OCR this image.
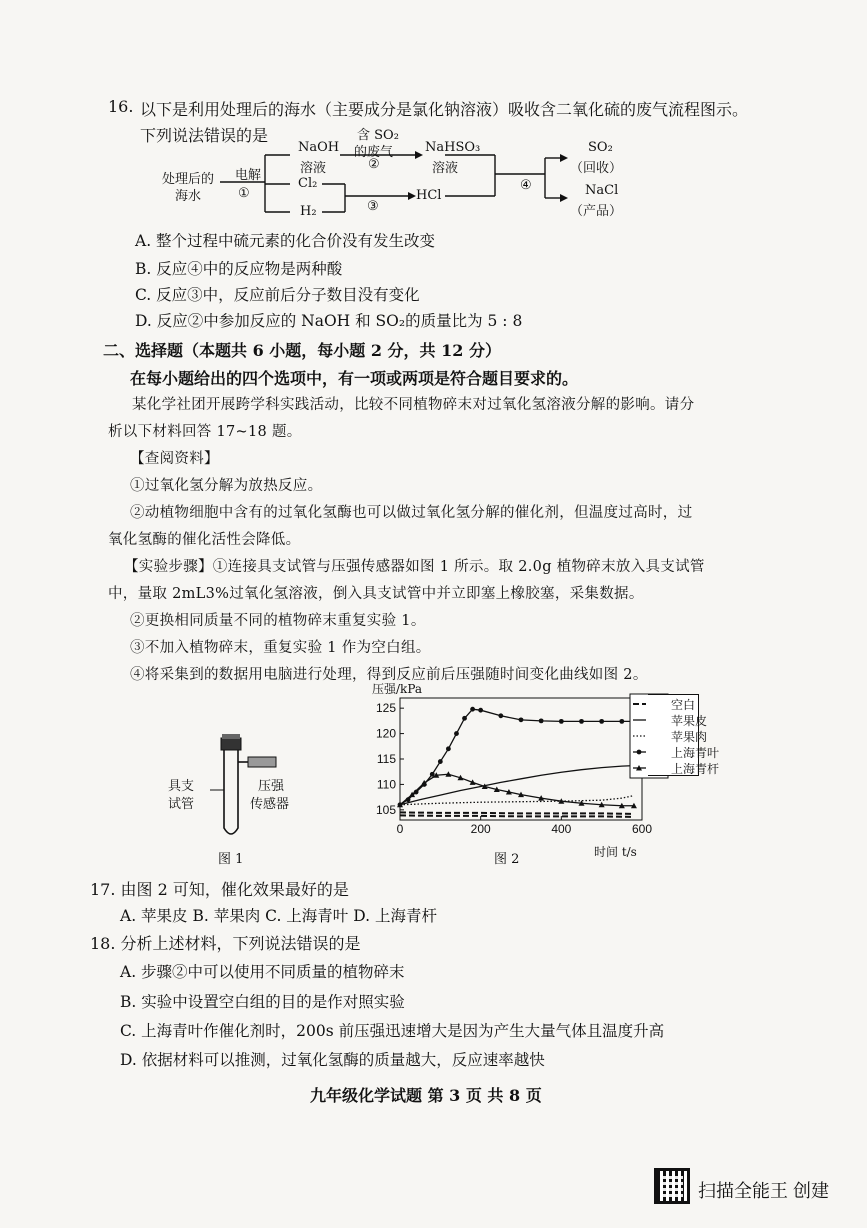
16. 以下是利用处理后的海水（主要成分是氯化钠溶液）吸收含二氧化硫的废气流程图示。
下列说法错误的是
处理后的
海水
电解
①
NaOH
溶液
含 SO₂
的废气
②
NaHSO₃
溶液
Cl₂
H₂	③
HCl
④
SO₂
（回收）
NaCl
（产品）
A. 整个过程中硫元素的化合价没有发生改变
B. 反应④中的反应物是两种酸
C. 反应③中，反应前后分子数目没有变化
D. 反应②中参加反应的 NaOH 和 SO₂的质量比为 5 : 8
二、选择题（本题共 6 小题，每小题 2 分，共 12 分）
在每小题给出的四个选项中，有一项或两项是符合题目要求的。
某化学社团开展跨学科实践活动，比较不同植物碎末对过氧化氢溶液分解的影响。请分
析以下材料回答 17~18 题。
【查阅资料】
①过氧化氢分解为放热反应。
②动植物细胞中含有的过氧化氢酶也可以做过氧化氢分解的催化剂，但温度过高时，过
氧化氢酶的催化活性会降低。
【实验步骤】①连接具支试管与压强传感器如图 1 所示。取 2.0g 植物碎末放入具支试管
中，量取 2mL3%过氧化氢溶液，倒入具支试管中并立即塞上橡胶塞，采集数据。
②更换相同质量不同的植物碎末重复实验 1。
③不加入植物碎末，重复实验 1 作为空白组。
④将采集到的数据用电脑进行处理，得到反应前后压强随时间变化曲线如图 2。
具支
试管
压强
传感器
图 1
压强/kPa
0	200	400	600
105
110
115
120
125
时间 t/s
图 2
17. 由图 2 可知，催化效果最好的是
A. 苹果皮 B. 苹果肉 C. 上海青叶 D. 上海青杆
18. 分析上述材料，下列说法错误的是
A. 步骤②中可以使用不同质量的植物碎末
B. 实验中设置空白组的目的是作对照实验
C. 上海青叶作催化剂时，200s 前压强迅速增大是因为产生大量气体且温度升高
D. 依据材料可以推测，过氧化氢酶的质量越大，反应速率越快
九年级化学试题 第 3 页 共 8 页
扫描全能王 创建
空白
苹果皮
苹果肉
上海青叶
上海青杆
